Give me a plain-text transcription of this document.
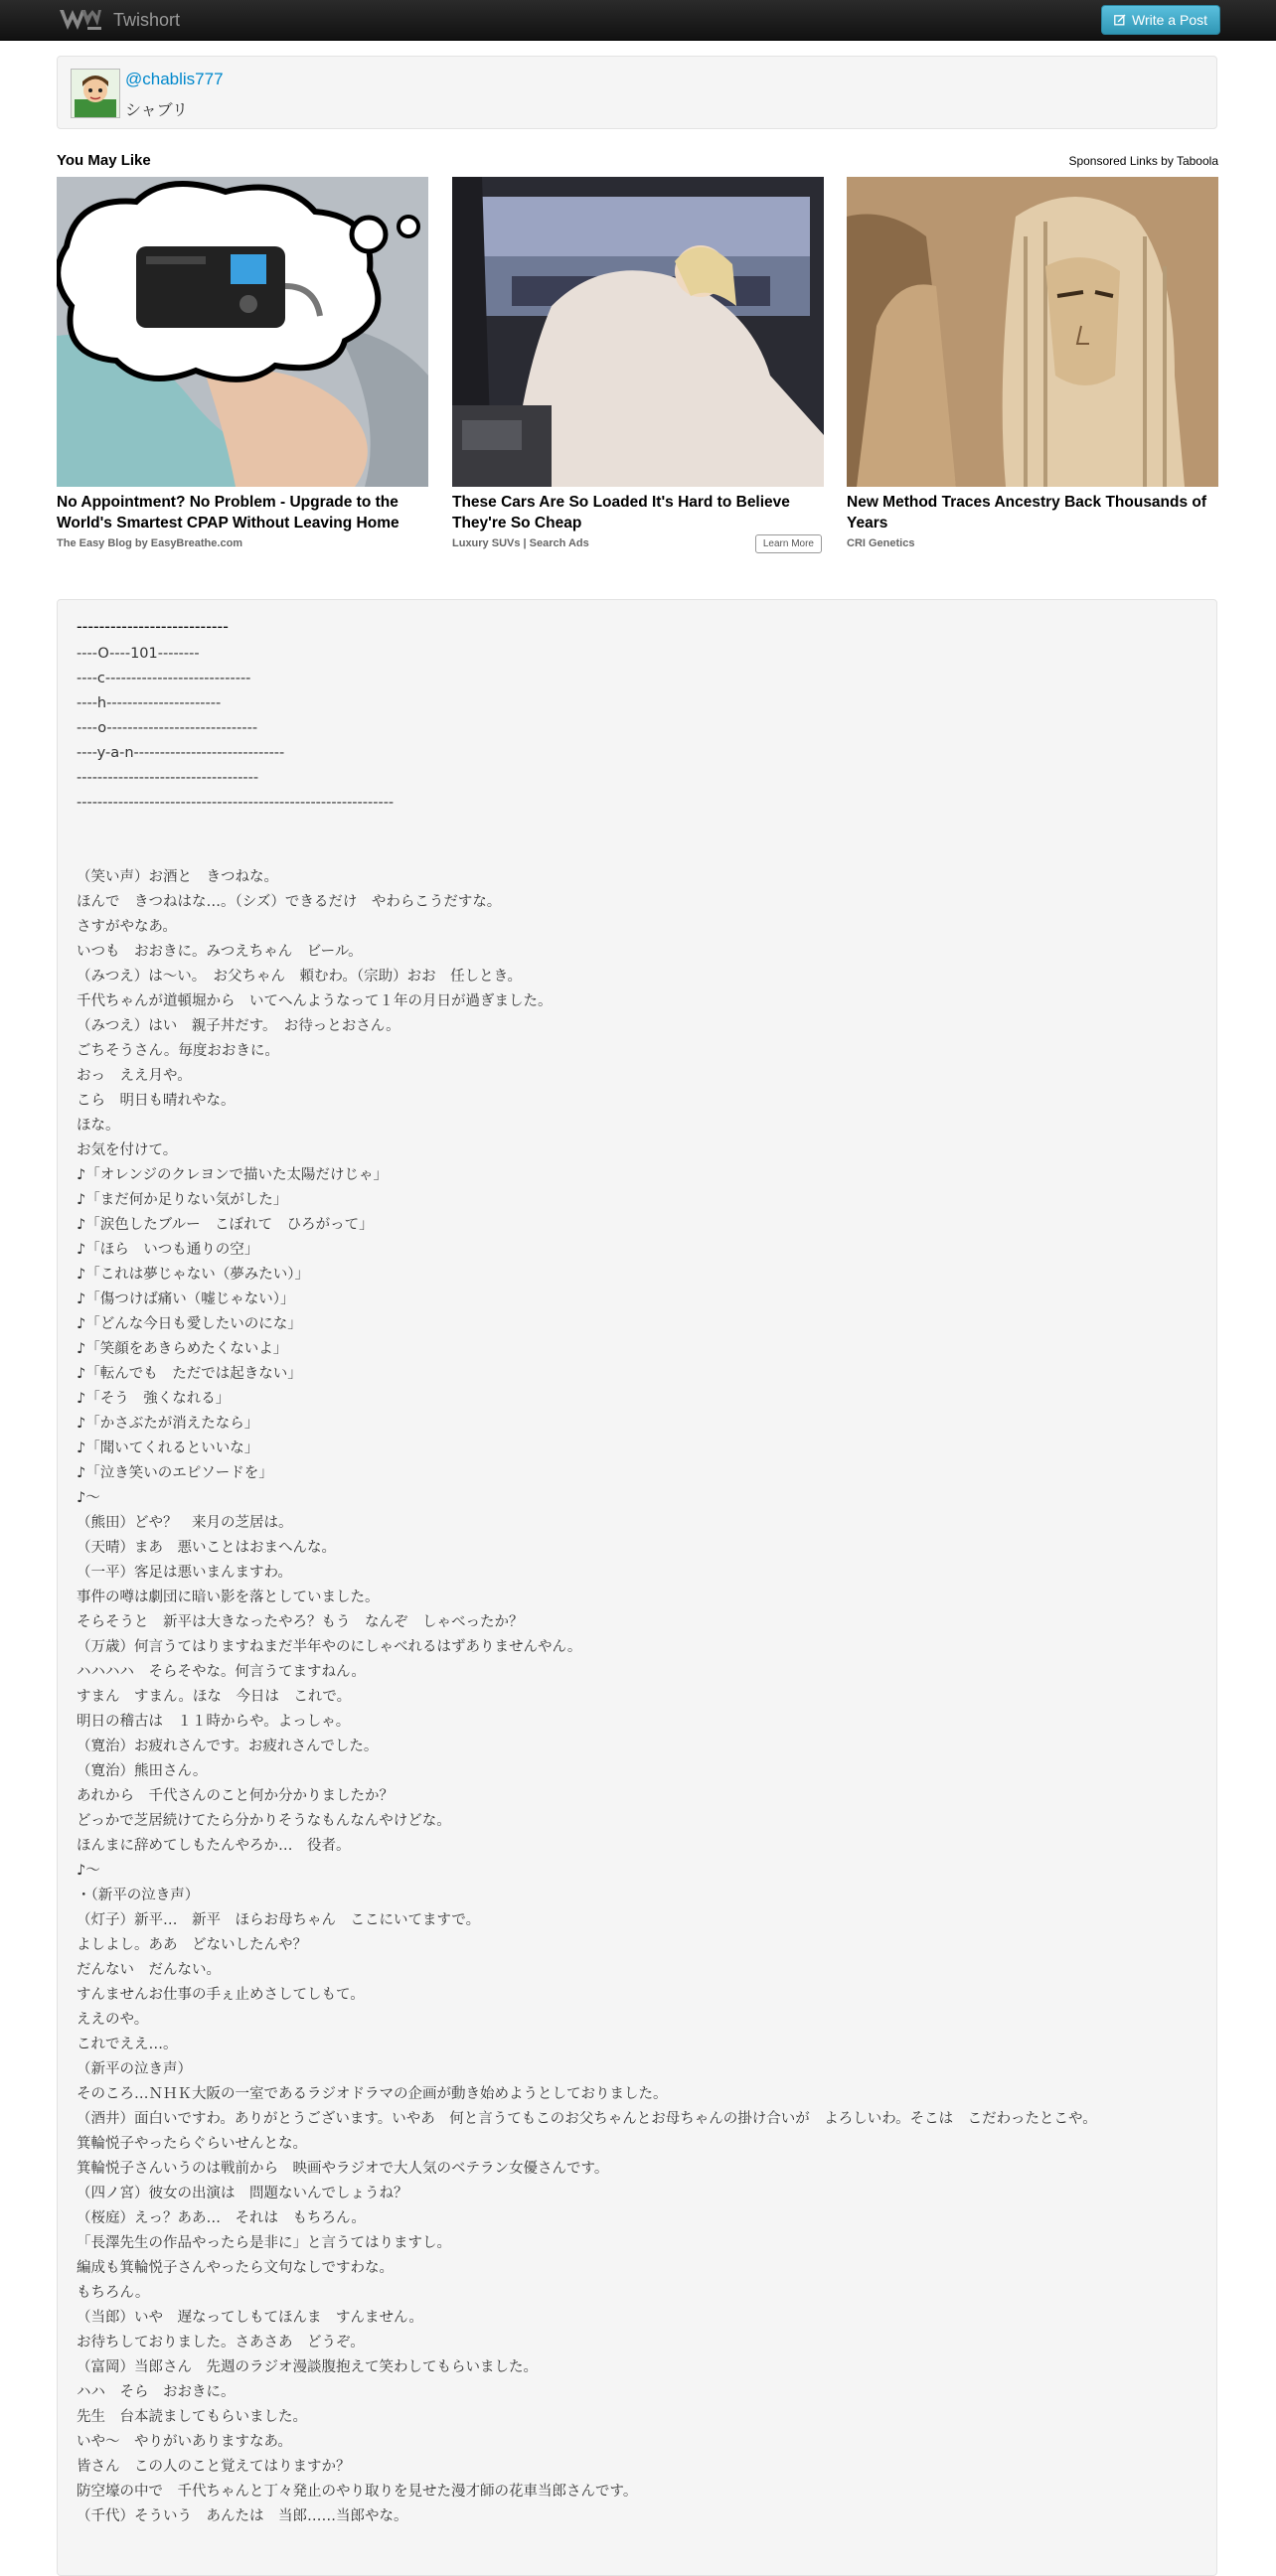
Twishort	Write a Post
@chablis777
シャブリ
You May Like	Sponsored Links by Taboola
No Appointment? No Problem - Upgrade to the World's Smartest CPAP Without Leaving Home
The Easy Blog by EasyBreathe.com
These Cars Are So Loaded It's Hard to Believe They're So Cheap
Luxury SUVs | Search Ads	Learn More
New Method Traces Ancestry Back Thousands of Years
CRI Genetics
---------------------------
----O----101--------
----c----------------------------
----h----------------------
----o-----------------------------
----y-a-n-----------------------------
-----------------------------------
-------------------------------------------------------------

（笑い声）お酒と　きつねな。
ほんで　きつねはな…。（シズ）できるだけ　やわらこうだすな。
さすがやなあ。
いつも　おおきに。みつえちゃん　ビール。
（みつえ）は～い。　お父ちゃん　頼むわ。（宗助）おお　任しとき。
千代ちゃんが道頓堀から　いてへんようなって１年の月日が過ぎました。
（みつえ）はい　親子丼だす。　お待っとおさん。
ごちそうさん。毎度おおきに。
おっ　ええ月や。
こら　明日も晴れやな。
ほな。
お気を付けて。
♪「オレンジのクレヨンで描いた太陽だけじゃ」
♪「まだ何か足りない気がした」
♪「涙色したブルー　こぼれて　ひろがって」
♪「ほら　いつも通りの空」
♪「これは夢じゃない（夢みたい）」
♪「傷つけば痛い（嘘じゃない）」
♪「どんな今日も愛したいのにな」
♪「笑顔をあきらめたくないよ」
♪「転んでも　ただでは起きない」
♪「そう　強くなれる」
♪「かさぶたが消えたなら」
♪「聞いてくれるといいな」
♪「泣き笑いのエピソードを」
♪～
（熊田）どや？　来月の芝居は。
（天晴）まあ　悪いことはおまへんな。
（一平）客足は悪いまんますわ。
事件の噂は劇団に暗い影を落としていました。
そらそうと　新平は大きなったやろ？もう　なんぞ　しゃべったか？
（万歳）何言うてはりますねまだ半年やのにしゃべれるはずありませんやん。
ハハハハ　そらそやな。何言うてますねん。
すまん　すまん。ほな　今日は　これで。
明日の稽古は　１１時からや。よっしゃ。
（寛治）お疲れさんです。お疲れさんでした。
（寛治）熊田さん。
あれから　千代さんのこと何か分かりましたか？
どっかで芝居続けてたら分かりそうなもんなんやけどな。
ほんまに辞めてしもたんやろか…　役者。
♪～
・（新平の泣き声）
（灯子）新平…　新平　ほらお母ちゃん　ここにいてますで。
よしよし。ああ　どないしたんや？
だんない　だんない。
すんませんお仕事の手ぇ止めさしてしもて。
ええのや。
これでええ…。
（新平の泣き声）
そのころ…ＮＨＫ大阪の一室であるラジオドラマの企画が動き始めようとしておりました。
（酒井）面白いですわ。ありがとうございます。いやあ　何と言うてもこのお父ちゃんとお母ちゃんの掛け合いが　よろしいわ。そこは　こだわったとこや。
箕輪悦子やったらぐらいせんとな。
箕輪悦子さんいうのは戦前から　映画やラジオで大人気のベテラン女優さんです。
（四ノ宮）彼女の出演は　問題ないんでしょうね？
（桜庭）えっ？ああ…　それは　もちろん。
「長澤先生の作品やったら是非に」と言うてはりますし。
編成も箕輪悦子さんやったら文句なしですわな。
もちろん。
（当郎）いや　遅なってしもてほんま　すんません。
お待ちしておりました。さあさあ　どうぞ。
（富岡）当郎さん　先週のラジオ漫談腹抱えて笑わしてもらいました。
ハハ　そら　おおきに。
先生　台本読ましてもらいました。
いや～　やりがいありますなあ。
皆さん　この人のこと覚えてはりますか？
防空壕の中で　千代ちゃんと丁々発止のやり取りを見せた漫才師の花車当郎さんです。
（千代）そういう　あんたは　当郎……当郎やな。
